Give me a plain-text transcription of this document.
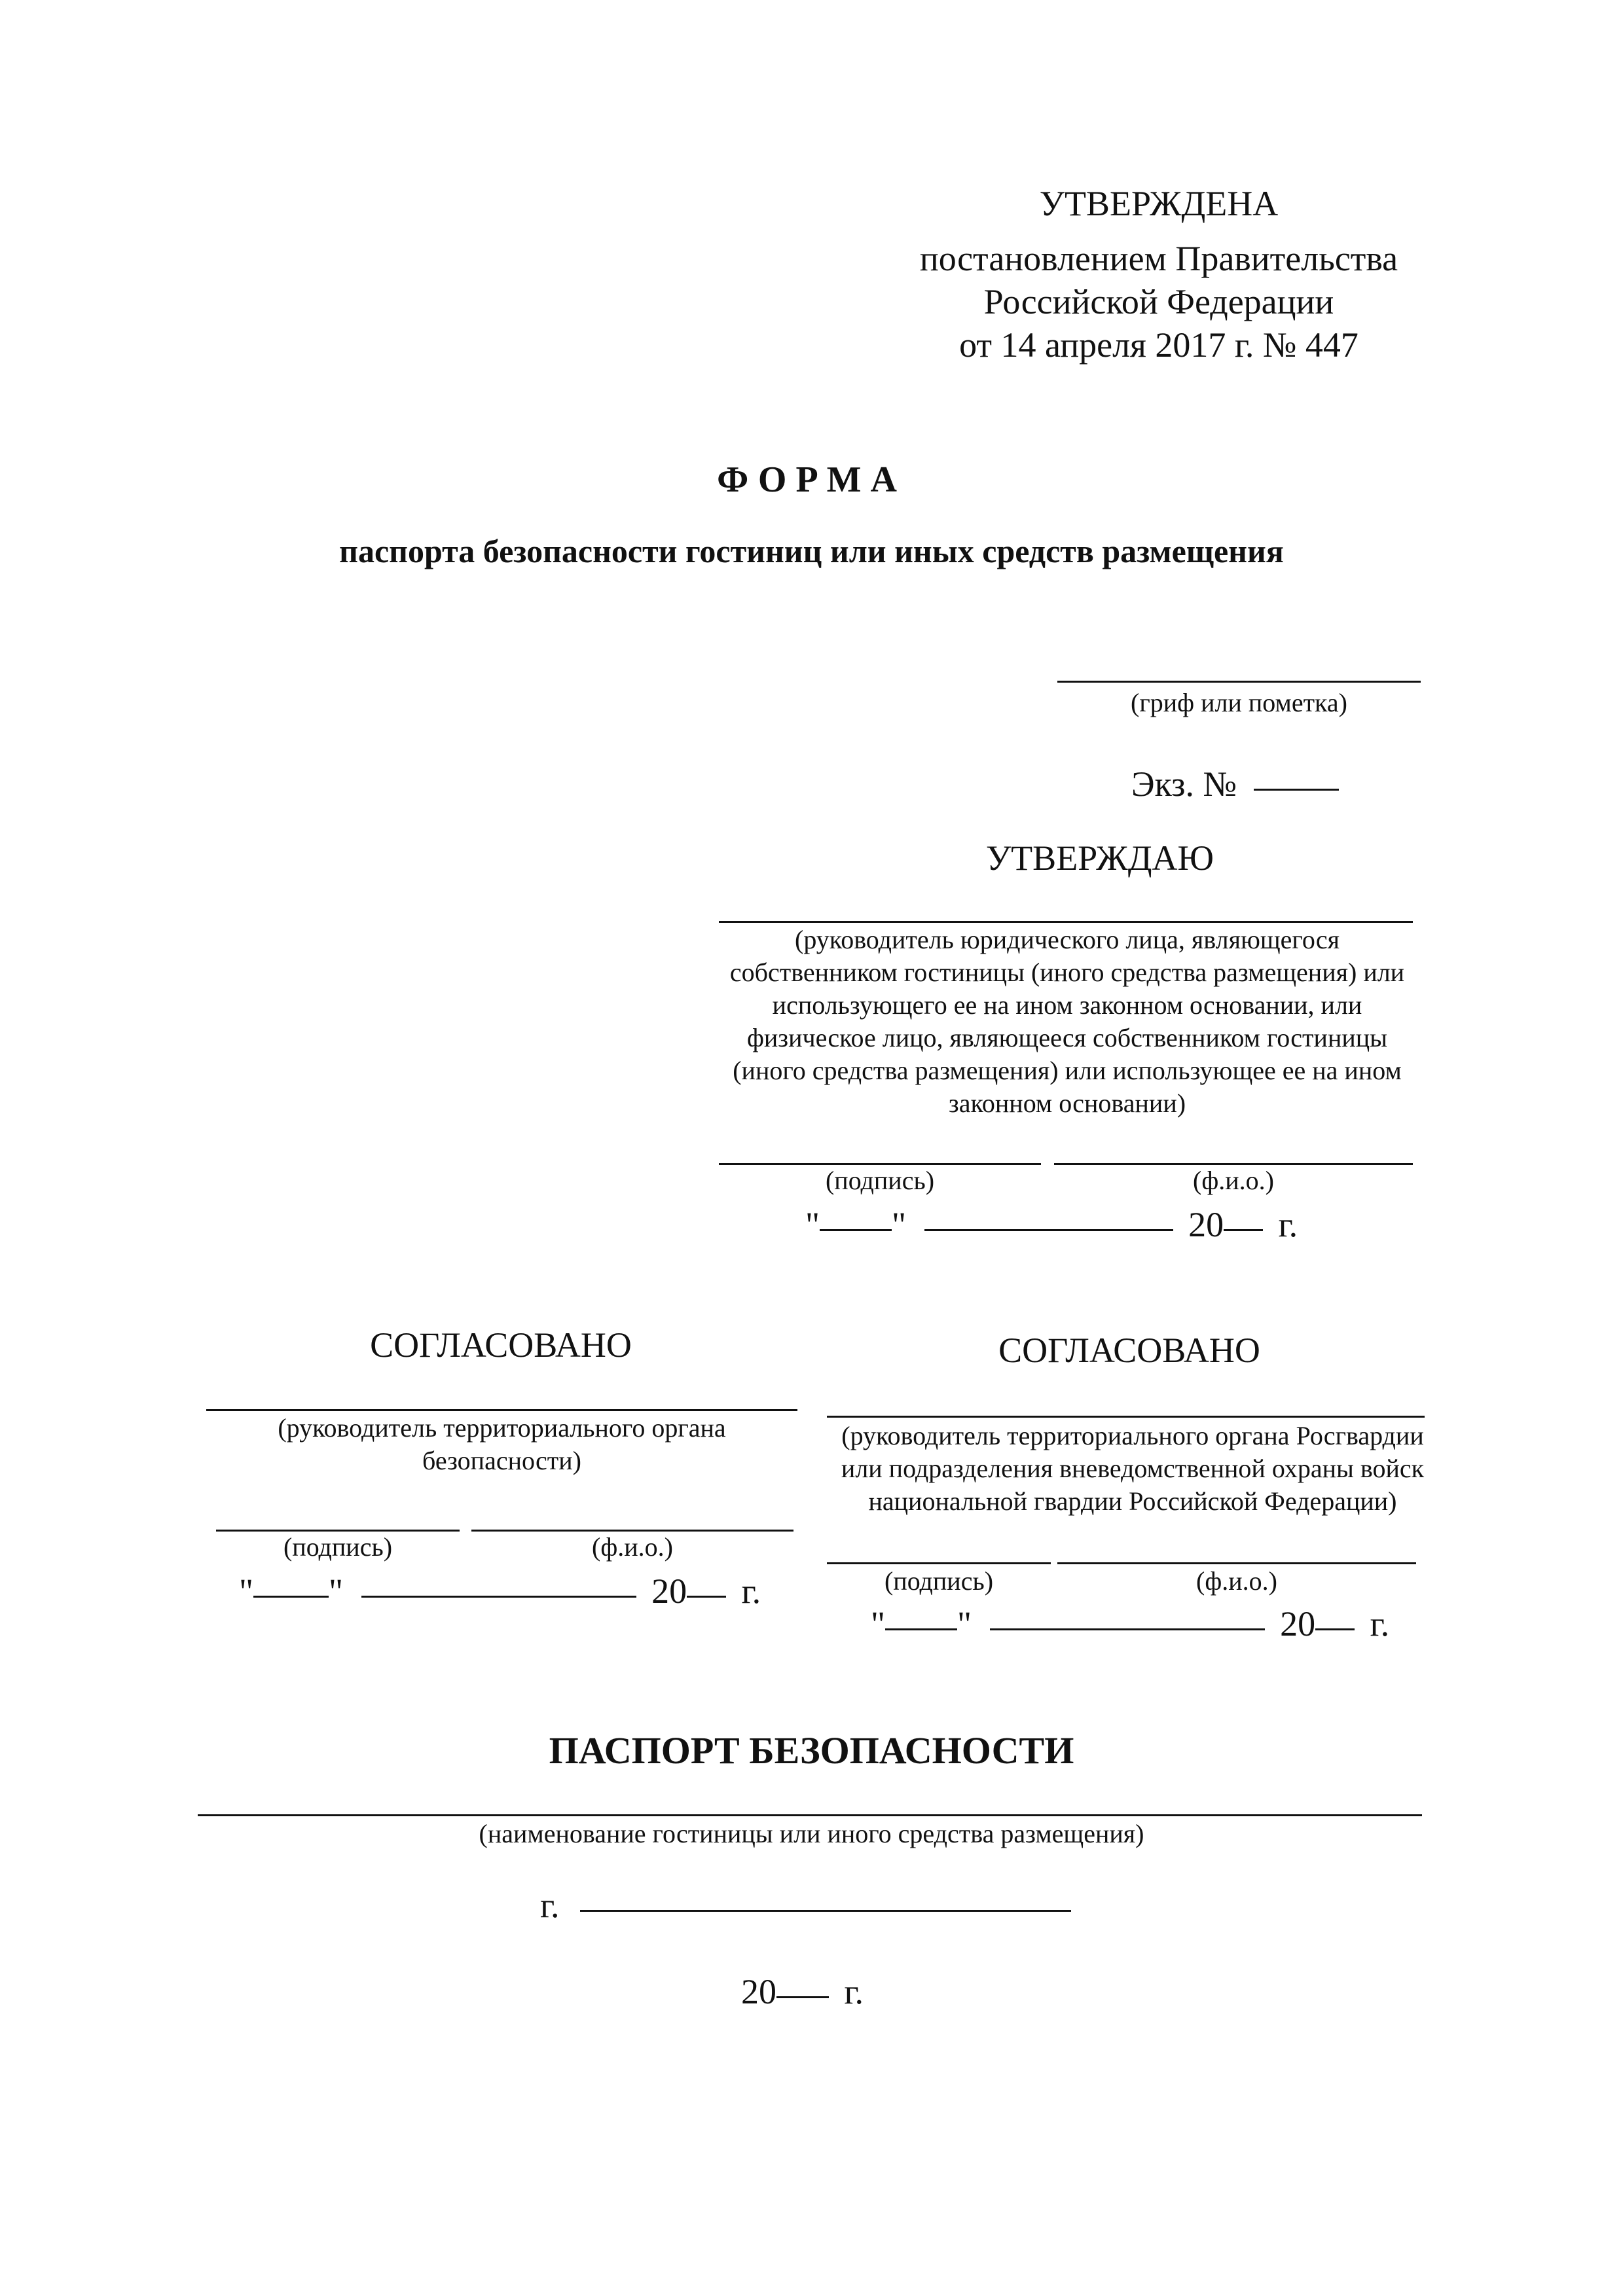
УТВЕРЖДЕНА
постановлением Правительства
Российской Федерации
от 14 апреля 2017 г. № 447
ФОРМА
паспорта безопасности гостиниц или иных средств размещения
(гриф или пометка)
Экз. №
УТВЕРЖДАЮ
(руководитель юридического лица, являющегося
собственником гостиницы (иного средства размещения) или
использующего ее на ином законном основании, или
физическое лицо, являющееся собственником гостиницы
(иного средства размещения) или использующее ее на ином
законном основании)
(подпись)	(ф.и.о.)
" "	20 г.
СОГЛАСОВАНО
(руководитель территориального органа
безопасности)
(подпись)	(ф.и.о.)
" "	20 г.
СОГЛАСОВАНО
(руководитель территориального органа Росгвардии
или подразделения вневедомственной охраны войск
национальной гвардии Российской Федерации)
(подпись)	(ф.и.о.)
" "	20 г.
ПАСПОРТ БЕЗОПАСНОСТИ
(наименование гостиницы или иного средства размещения)
г.
20 г.
